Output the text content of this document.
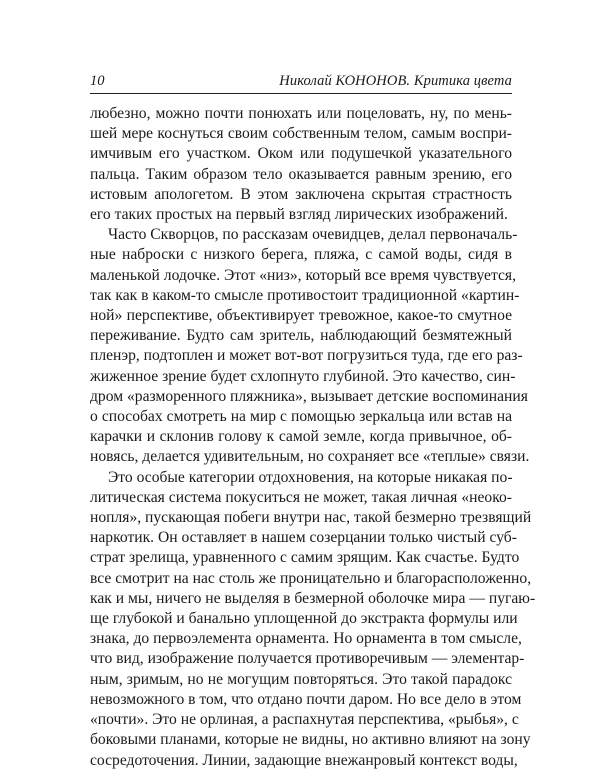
10	Николай КОНОНОВ. Критика цвета

любезно, можно почти понюхать или поцеловать, ну, по мень-
шей мере коснуться своим собственным телом, самым воспри-
имчивым его участком. Оком или подушечкой указательного
пальца. Таким образом тело оказывается равным зрению, его
истовым апологетом. В этом заключена скрытая страстность
его таких простых на первый взгляд лирических изображений.

Часто Скворцов, по рассказам очевидцев, делал первоначаль-
ные наброски с низкого берега, пляжа, с самой воды, сидя в
маленькой лодочке. Этот «низ», который все время чувствуется,
так как в каком-то смысле противостоит традиционной «картин-
ной» перспективе, объективирует тревожное, какое-то смутное
переживание. Будто сам зритель, наблюдающий безмятежный
пленэр, подтоплен и может вот-вот погрузиться туда, где его раз-
жиженное зрение будет схлопнуто глубиной. Это качество, син-
дром «разморенного пляжника», вызывает детские воспоминания
о способах смотреть на мир с помощью зеркальца или встав на
карачки и склонив голову к самой земле, когда привычное, об-
новясь, делается удивительным, но сохраняет все «теплые» связи.

Это особые категории отдохновения, на которые никакая по-
литическая система покуситься не может, такая личная «неоко-
нопля», пускающая побеги внутри нас, такой безмерно трезвящий
наркотик. Он оставляет в нашем созерцании только чистый суб-
страт зрелища, уравненного с самим зрящим. Как счастье. Будто
все смотрит на нас столь же проницательно и благорасположенно,
как и мы, ничего не выделяя в безмерной оболочке мира — пугаю-
ще глубокой и банально уплощенной до экстракта формулы или
знака, до первоэлемента орнамента. Но орнамента в том смысле,
что вид, изображение получается противоречивым — элементар-
ным, зримым, но не могущим повторяться. Это такой парадокс
невозможного в том, что отдано почти даром. Но все дело в этом
«почти». Это не орлиная, а распахнутая перспектива, «рыбья», с
боковыми планами, которые не видны, но активно влияют на зону
сосредоточения. Линии, задающие внежанровый контекст воды,
